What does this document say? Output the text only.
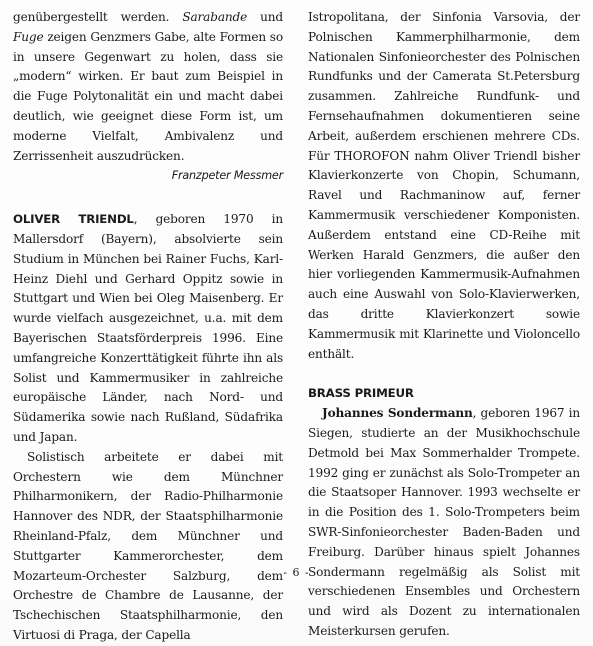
genübergestellt werden. Sarabande und Fuge zeigen Genzmers Gabe, alte Formen so in unsere Gegenwart zu holen, dass sie „modern“ wirken. Er baut zum Beispiel in die Fuge Polytonalität ein und macht dabei deutlich, wie geeignet diese Form ist, um moderne Vielfalt, Ambivalenz und Zerrissenheit auszudrücken.

Franzpeter Messmer

OLIVER TRIENDL, geboren 1970 in Mallersdorf (Bayern), absolvierte sein Studium in München bei Rainer Fuchs, Karl-Heinz Diehl und Gerhard Oppitz sowie in Stuttgart und Wien bei Oleg Maisenberg. Er wurde vielfach ausgezeichnet, u.a. mit dem Bayerischen Staatsförderpreis 1996. Eine umfangreiche Konzerttätigkeit führte ihn als Solist und Kammermusiker in zahlreiche europäische Länder, nach Nord- und Südamerika sowie nach Rußland, Südafrika und Japan.

Solistisch arbeitete er dabei mit Orchestern wie dem Münchner Philharmonikern, der Radio-Philharmonie Hannover des NDR, der Staatsphilharmonie Rheinland-Pfalz, dem Münchner und Stuttgarter Kammerorchester, dem Mozarteum-Orchester Salzburg, dem Orchestre de Chambre de Lausanne, der Tschechischen Staatsphilharmonie, den Virtuosi di Praga, der Capella

Istropolitana, der Sinfonia Varsovia, der Polnischen Kammerphilharmonie, dem Nationalen Sinfonieorchester des Polnischen Rundfunks und der Camerata St.Petersburg zusammen. Zahlreiche Rundfunk- und Fernsehaufnahmen dokumentieren seine Arbeit, außerdem erschienen mehrere CDs. Für THOROFON nahm Oliver Triendl bisher Klavierkonzerte von Chopin, Schumann, Ravel und Rachmaninow auf, ferner Kammermusik verschiedener Komponisten. Außerdem entstand eine CD-Reihe mit Werken Harald Genzmers, die außer den hier vorliegenden Kammermusik-Aufnahmen auch eine Auswahl von Solo-Klavierwerken, das dritte Klavierkonzert sowie Kammermusik mit Klarinette und Violoncello enthält.

BRASS PRIMEUR

Johannes Sondermann, geboren 1967 in Siegen, studierte an der Musikhochschule Detmold bei Max Sommerhalder Trompete. 1992 ging er zunächst als Solo-Trompeter an die Staatsoper Hannover. 1993 wechselte er in die Position des 1. Solo-Trompeters beim SWR-Sinfonieorchester Baden-Baden und Freiburg. Darüber hinaus spielt Johannes Sondermann regelmäßig als Solist mit verschiedenen Ensembles und Orchestern und wird als Dozent zu internationalen Meisterkursen gerufen.

- 6 -
